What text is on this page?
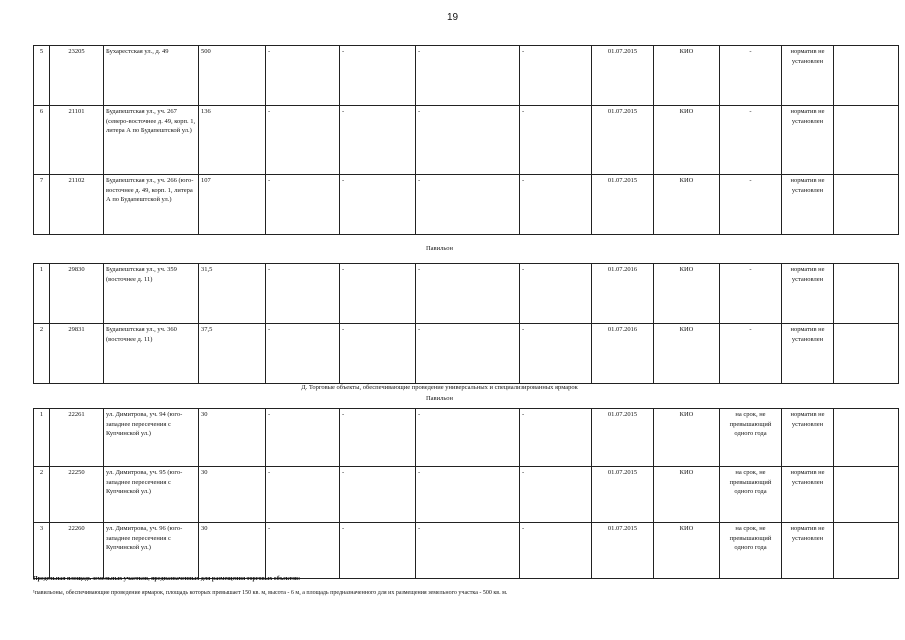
19
5	23205	Бухарестская ул., д. 49	500	-	-	-	-	01.07.2015	КИО	-	норматив не установлен	
6	21101	Будапештская ул., уч. 267 (северо-восточнее д. 49, корп. 1, литера А по Будапештской ул.)	136	-	-	-	-	01.07.2015	КИО	-	норматив не установлен	
7	21102	Будапештская ул., уч. 266 (юго-восточнее д. 49, корп. 1, литера А по Будапештской ул.)	107	-	-	-	-	01.07.2015	КИО	-	норматив не установлен	
Павильон
1	29830	Будапештская ул., уч. 359 (восточнее д. 11)	31,5	-	-	-	-	01.07.2016	КИО	-	норматив не установлен	
2	29831	Будапештская ул., уч. 360 (восточнее д. 11)	37,5	-	-	-	-	01.07.2016	КИО	-	норматив не установлен	
Д. Торговые объекты, обеспечивающие проведение универсальных и специализированных ярмарок
Павильон
1	22261	ул. Димитрова, уч. 94 (юго-западнее пересечения с Купчинской ул.)	30	-	-	-	-	01.07.2015	КИО	на срок, не превышающий одного года	норматив не установлен	
2	22250	ул. Димитрова, уч. 95 (юго-западнее пересечения с Купчинской ул.)	30	-	-	-	-	01.07.2015	КИО	на срок, не превышающий одного года	норматив не установлен	
3	22260	ул. Димитрова, уч. 96 (юго-западнее пересечения с Купчинской ул.)	30	-	-	-	-	01.07.2015	КИО	на срок, не превышающий одного года	норматив не установлен	
Предельная площадь земельных участков, предназначенных для размещения торговых объектов:
¹павильоны, обеспечивающие проведение ярмарок, площадь которых превышает 150 кв. м, высота - 6 м, а площадь предназначенного для их размещения земельного участка - 500 кв. м.
